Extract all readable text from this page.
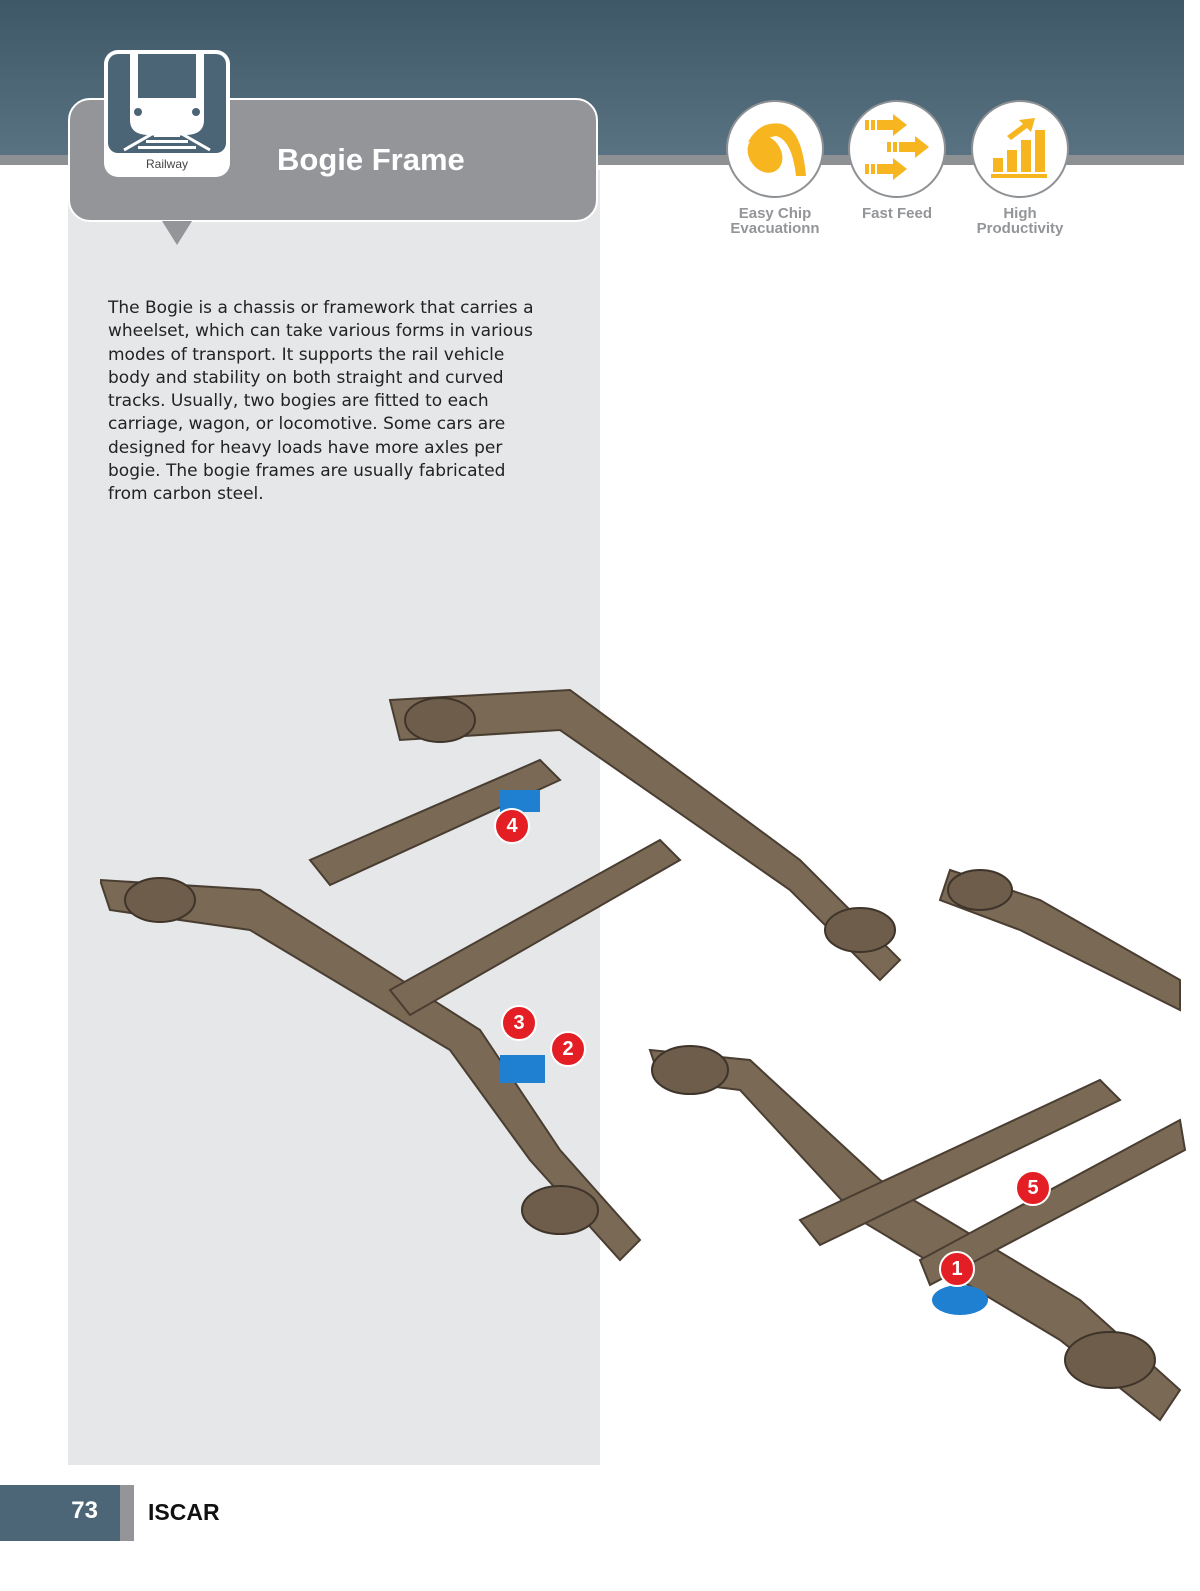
Bogie Frame
Railway
Easy Chip
Evacuationn
Fast Feed	High
Productivity
The Bogie is a chassis or framework that carries a wheelset, which can take various forms in various modes of transport. It supports the rail vehicle body and stability on both straight and curved tracks. Usually, two bogies are fitted to each carriage, wagon, or locomotive. Some cars are designed for heavy loads have more axles per bogie. The bogie frames are usually fabricated from carbon steel.
1
2
3
4
5
73 ISCAR
